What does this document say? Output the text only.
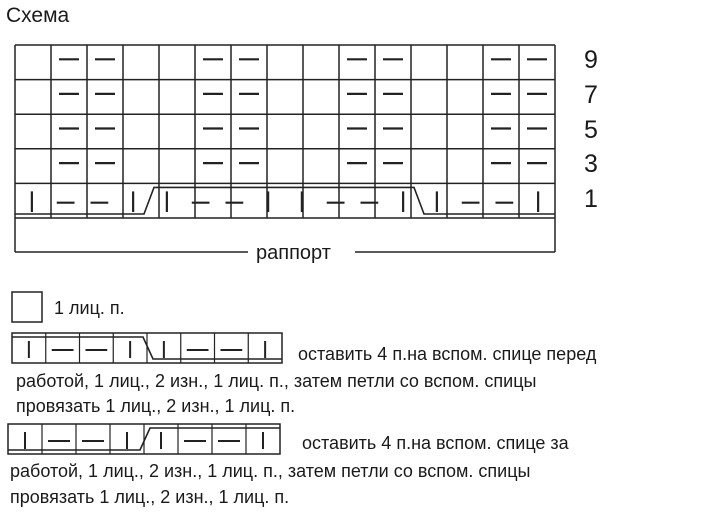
Схема
9
7
5
3
1
раппорт
1 лиц. п.
оставить 4 п.на вспом. спице перед
работой, 1 лиц., 2 изн., 1 лиц. п., затем петли со вспом. спицы
провязать 1 лиц., 2 изн., 1 лиц. п.
оставить 4 п.на вспом. спице за
работой, 1 лиц., 2 изн., 1 лиц. п., затем петли со вспом. спицы
провязать 1 лиц., 2 изн., 1 лиц. п.
